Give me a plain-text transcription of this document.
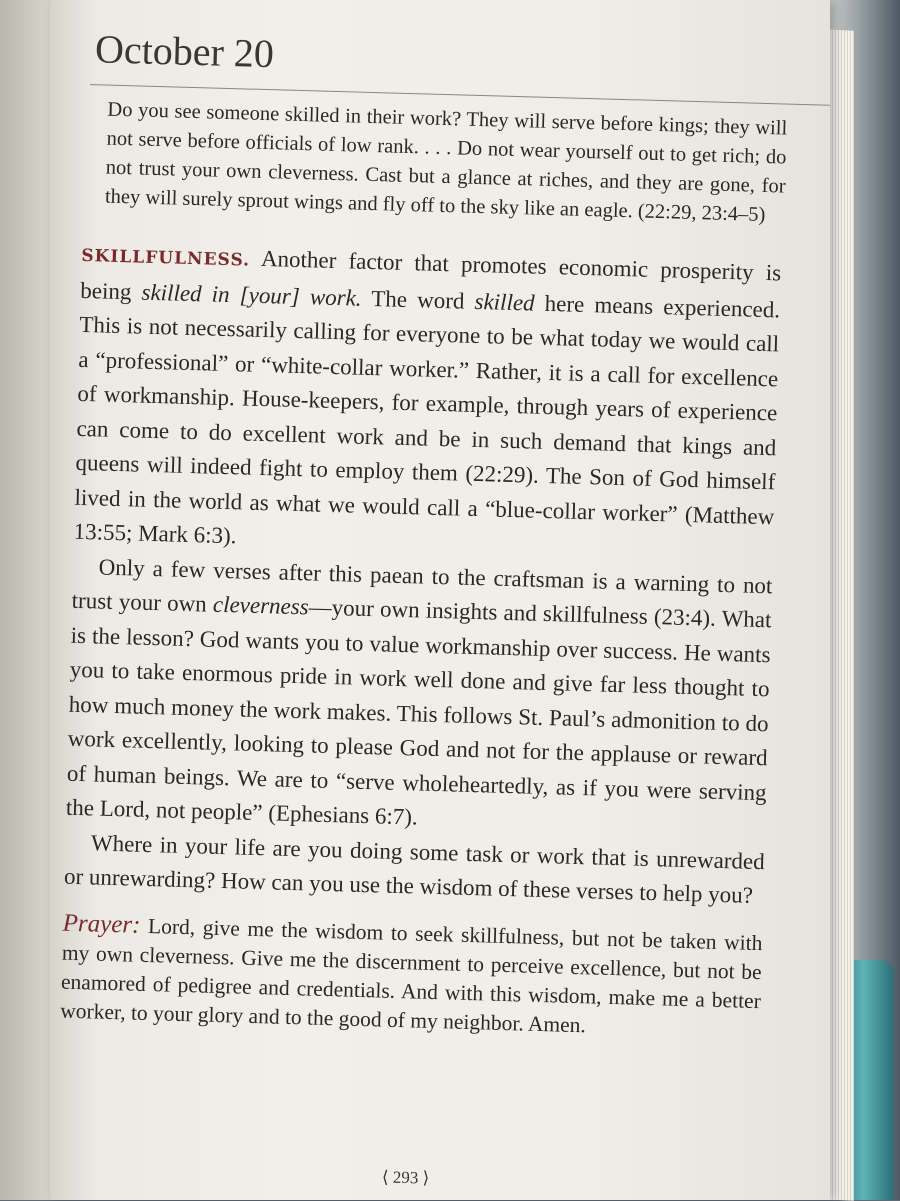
October 20

Do you see someone skilled in their work? They will serve before kings; they will not serve before officials of low rank. . . . Do not wear yourself out to get rich; do not trust your own cleverness. Cast but a glance at riches, and they are gone, for they will surely sprout wings and fly off to the sky like an eagle. (22:29, 23:4–5)

SKILLFULNESS. Another factor that promotes economic prosperity is being skilled in [your] work. The word skilled here means experienced. This is not necessarily calling for everyone to be what today we would call a “professional” or “white-collar worker.” Rather, it is a call for excellence of workmanship. House-keepers, for example, through years of experience can come to do excellent work and be in such demand that kings and queens will indeed fight to employ them (22:29). The Son of God himself lived in the world as what we would call a “blue-collar worker” (Matthew 13:55; Mark 6:3).

Only a few verses after this paean to the craftsman is a warning to not trust your own cleverness—your own insights and skillfulness (23:4). What is the lesson? God wants you to value workmanship over success. He wants you to take enormous pride in work well done and give far less thought to how much money the work makes. This follows St. Paul’s admonition to do work excellently, looking to please God and not for the applause or reward of human beings. We are to “serve wholeheartedly, as if you were serving the Lord, not people” (Ephesians 6:7).

Where in your life are you doing some task or work that is unrewarded or unrewarding? How can you use the wisdom of these verses to help you?

Prayer: Lord, give me the wisdom to seek skillfulness, but not be taken with my own cleverness. Give me the discernment to perceive excellence, but not be enamored of pedigree and credentials. And with this wisdom, make me a better worker, to your glory and to the good of my neighbor. Amen.

⟨ 293 ⟩
